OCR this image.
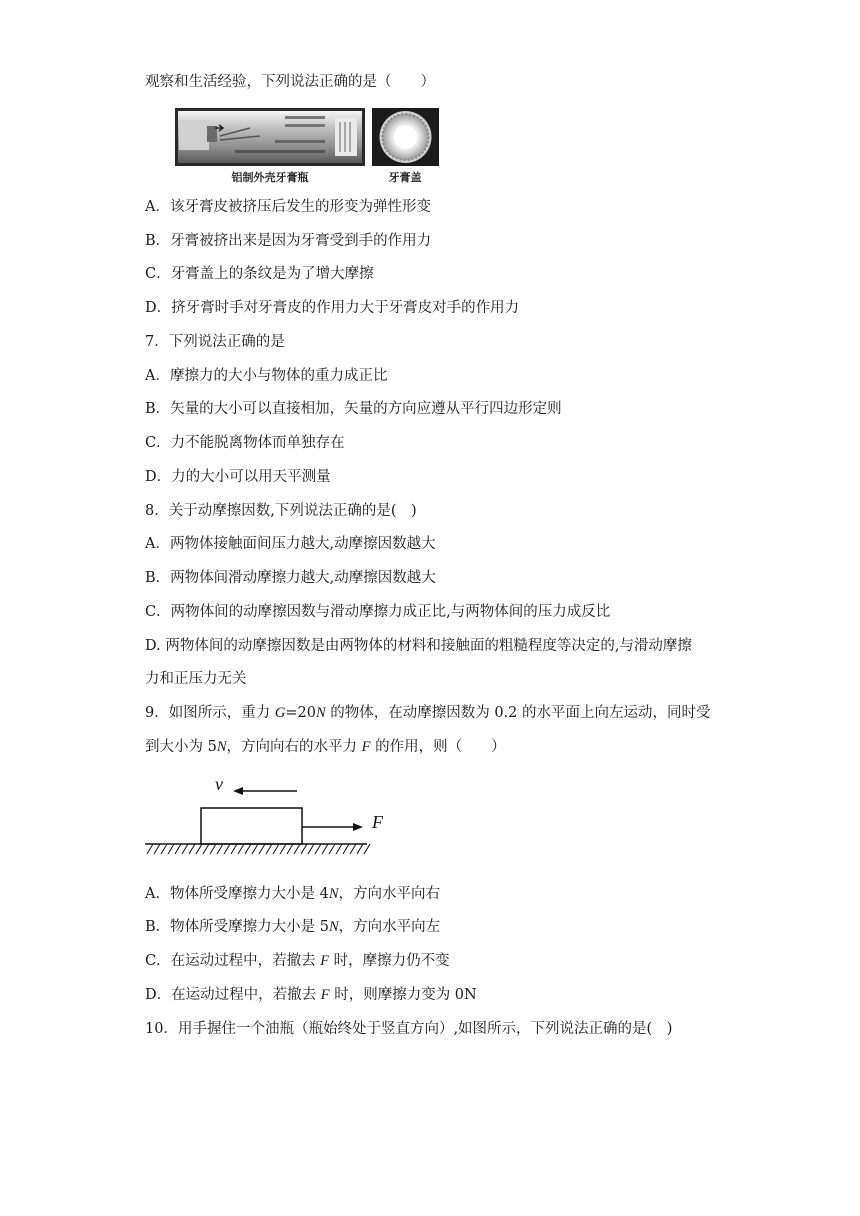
观察和生活经验，下列说法正确的是（　　）
铝制外壳牙膏瓶	牙膏盖
A．该牙膏皮被挤压后发生的形变为弹性形变
B．牙膏被挤出来是因为牙膏受到手的作用力
C．牙膏盖上的条纹是为了增大摩擦
D．挤牙膏时手对牙膏皮的作用力大于牙膏皮对手的作用力
7．下列说法正确的是
A．摩擦力的大小与物体的重力成正比
B．矢量的大小可以直接相加，矢量的方向应遵从平行四边形定则
C．力不能脱离物体而单独存在
D．力的大小可以用天平测量
8．关于动摩擦因数,下列说法正确的是(　)
A．两物体接触面间压力越大,动摩擦因数越大
B．两物体间滑动摩擦力越大,动摩擦因数越大
C．两物体间的动摩擦因数与滑动摩擦力成正比,与两物体间的压力成反比
D. 两物体间的动摩擦因数是由两物体的材料和接触面的粗糙程度等决定的,与滑动摩擦
力和正压力无关
9．如图所示，重力 G=20N 的物体，在动摩擦因数为 0.2 的水平面上向左运动，同时受
到大小为 5N，方向向右的水平力 F 的作用，则（　　）
v
F
A．物体所受摩擦力大小是 4N，方向水平向右
B．物体所受摩擦力大小是 5N，方向水平向左
C．在运动过程中，若撤去 F 时，摩擦力仍不变
D．在运动过程中，若撤去 F 时，则摩擦力变为 0N
10．用手握住一个油瓶（瓶始终处于竖直方向）,如图所示，下列说法正确的是(　)
